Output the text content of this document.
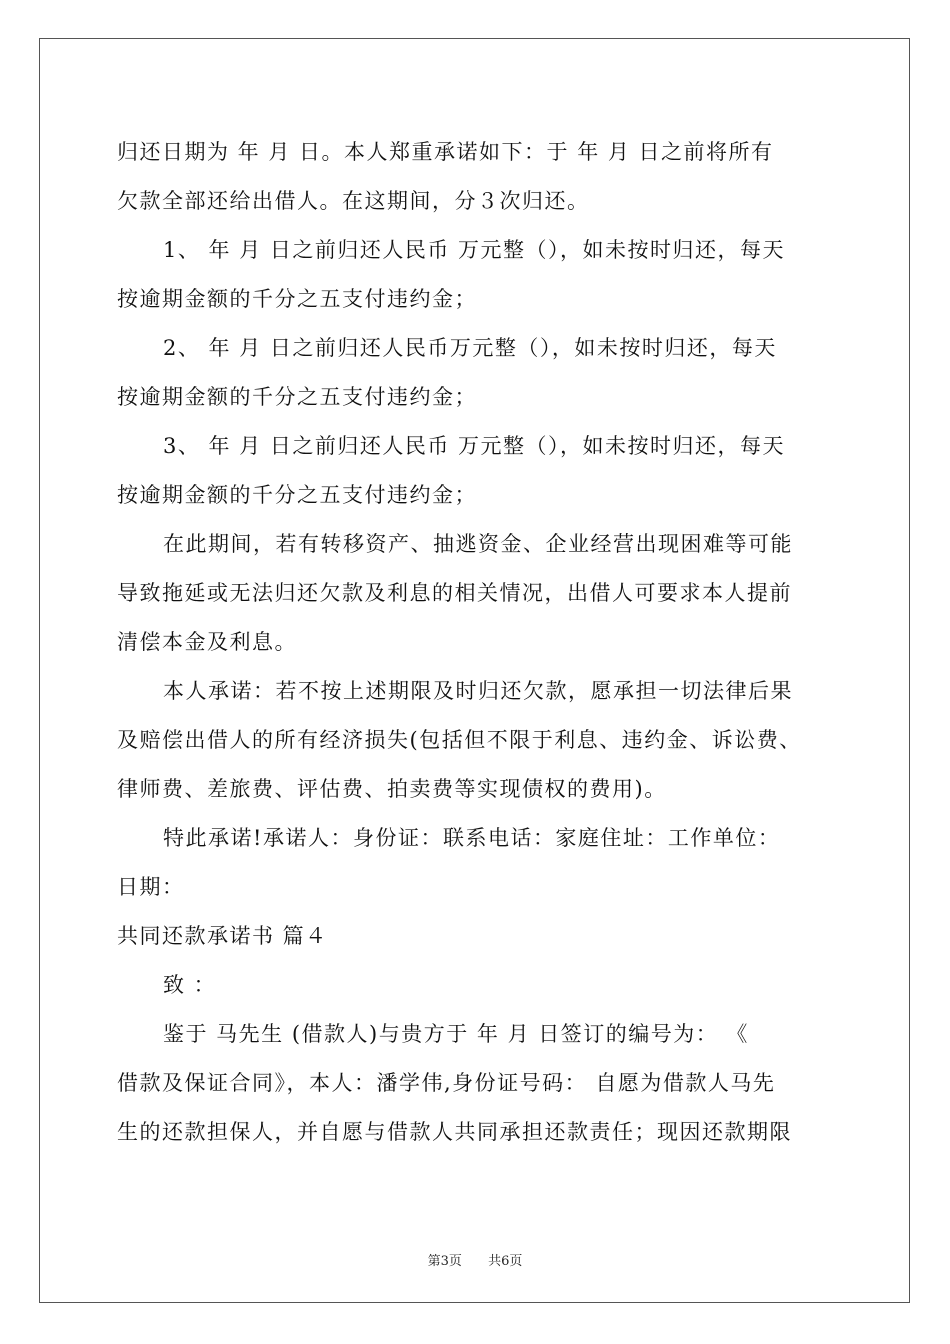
归还日期为 年 月 日。本人郑重承诺如下：于 年 月 日之前将所有
欠款全部还给出借人。在这期间，分３次归还。
1、 年 月 日之前归还人民币 万元整（），如未按时归还，每天
按逾期金额的千分之五支付违约金；
2、 年 月 日之前归还人民币万元整（），如未按时归还，每天
按逾期金额的千分之五支付违约金；
3、 年 月 日之前归还人民币 万元整（），如未按时归还，每天
按逾期金额的千分之五支付违约金；
在此期间，若有转移资产、抽逃资金、企业经营出现困难等可能
导致拖延或无法归还欠款及利息的相关情况，出借人可要求本人提前
清偿本金及利息。
本人承诺：若不按上述期限及时归还欠款，愿承担一切法律后果
及赔偿出借人的所有经济损失(包括但不限于利息、违约金、诉讼费、
律师费、差旅费、评估费、拍卖费等实现债权的费用)。
特此承诺!承诺人：身份证：联系电话：家庭住址：工作单位：
日期：
共同还款承诺书 篇４
致 ：
鉴于 马先生 (借款人)与贵方于 年 月 日签订的编号为： 《
借款及保证合同》，本人：潘学伟,身份证号码： 自愿为借款人马先
生的还款担保人，并自愿与借款人共同承担还款责任；现因还款期限
第3页 共6页
